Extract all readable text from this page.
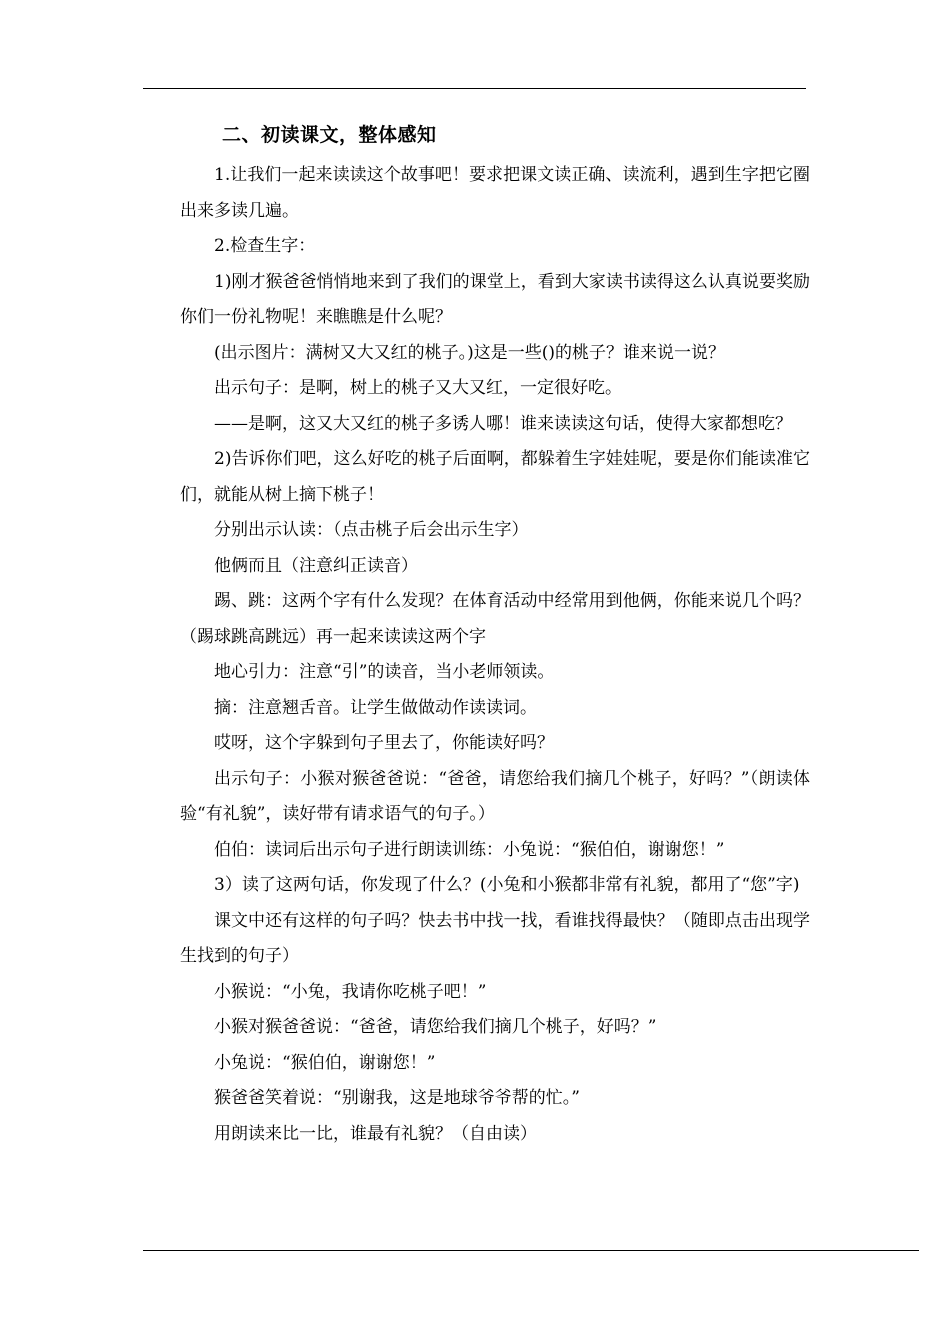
二、初读课文，整体感知

1.让我们一起来读读这个故事吧！要求把课文读正确、读流利，遇到生字把它圈出来多读几遍。

2.检查生字：

1)刚才猴爸爸悄悄地来到了我们的课堂上，看到大家读书读得这么认真说要奖励你们一份礼物呢！来瞧瞧是什么呢？

(出示图片：满树又大又红的桃子。)这是一些()的桃子？谁来说一说？

出示句子：是啊，树上的桃子又大又红，一定很好吃。

——是啊，这又大又红的桃子多诱人哪！谁来读读这句话，使得大家都想吃？

2)告诉你们吧，这么好吃的桃子后面啊，都躲着生字娃娃呢，要是你们能读准它们，就能从树上摘下桃子！

分别出示认读：（点击桃子后会出示生字）

他俩而且（注意纠正读音）

踢、跳：这两个字有什么发现？在体育活动中经常用到他俩，你能来说几个吗？（踢球跳高跳远）再一起来读读这两个字

地心引力：注意“引”的读音，当小老师领读。

摘：注意翘舌音。让学生做做动作读读词。

哎呀，这个字躲到句子里去了，你能读好吗？

出示句子：小猴对猴爸爸说：“爸爸，请您给我们摘几个桃子，好吗？”（朗读体验“有礼貌”，读好带有请求语气的句子。）

伯伯：读词后出示句子进行朗读训练：小兔说：“猴伯伯，谢谢您！”

3）读了这两句话，你发现了什么？(小兔和小猴都非常有礼貌，都用了“您”字)

课文中还有这样的句子吗？快去书中找一找，看谁找得最快？（随即点击出现学生找到的句子）

小猴说：“小兔，我请你吃桃子吧！”

小猴对猴爸爸说：“爸爸，请您给我们摘几个桃子，好吗？”

小兔说：“猴伯伯，谢谢您！”

猴爸爸笑着说：“别谢我，这是地球爷爷帮的忙。”

用朗读来比一比，谁最有礼貌？（自由读）
